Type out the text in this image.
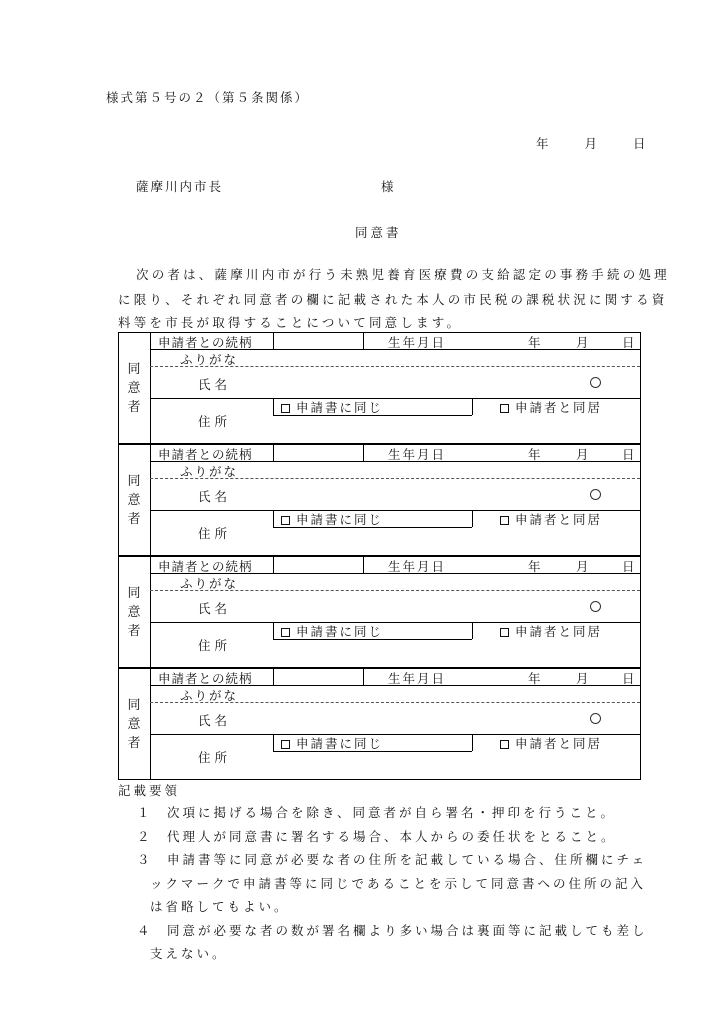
様式第５号の２（第５条関係）
年	月	日
薩摩川内市長	様
同意書
次の者は、薩摩川内市が行う未熟児養育医療費の支給認定の事務手続の処理
に限り、それぞれ同意者の欄に記載された本人の市民税の課税状況に関する資
料等を市長が取得することについて同意します。
同
意
者
申請者との続柄	生年月日	年	月	日
ふりがな
氏名
住所
申請書に同じ	申請者と同居
同
意
者
申請者との続柄	生年月日	年	月	日
ふりがな
氏名
住所
申請書に同じ	申請者と同居
同
意
者
申請者との続柄	生年月日	年	月	日
ふりがな
氏名
住所
申請書に同じ	申請者と同居
同
意
者
申請者との続柄	生年月日	年	月	日
ふりがな
氏名
住所
申請書に同じ	申請者と同居
記載要領
１ 次項に掲げる場合を除き、同意者が自ら署名・押印を行うこと。
２ 代理人が同意書に署名する場合、本人からの委任状をとること。
３ 申請書等に同意が必要な者の住所を記載している場合、住所欄にチェ
ックマークで申請書等に同じであることを示して同意書への住所の記入
は省略してもよい。
４ 同意が必要な者の数が署名欄より多い場合は裏面等に記載しても差し
支えない。
